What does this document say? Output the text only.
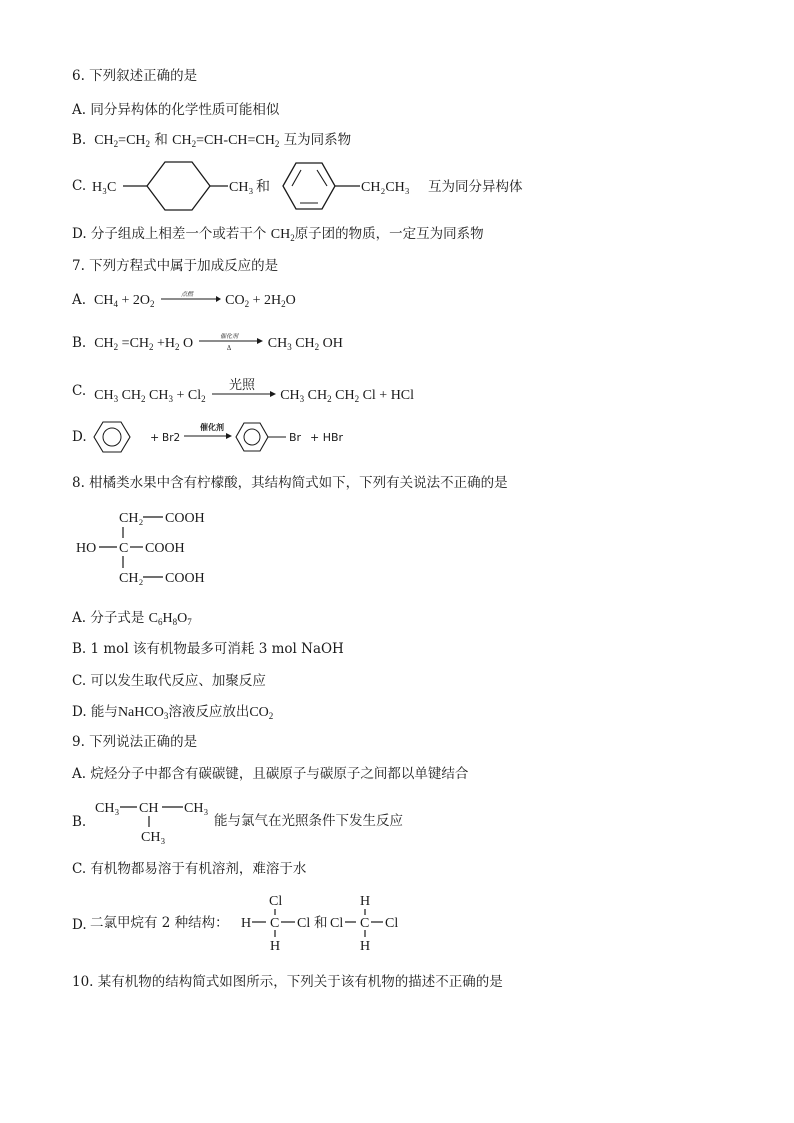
6. 下列叙述正确的是
A. 同分异构体的化学性质可能相似
B. $CH_2=CH_2$ 和 $CH_2=CH-CH=CH_2$ 互为同系物
C. H₃C	CH₃ 和	CH₂CH₃ 互为同分异构体
D. 分子组成上相差一个或若干个 $CH_2$原子团的物质，一定互为同系物
7. 下列方程式中属于加成反应的是
A. $CH_4 + 2O_2$
点燃 $CO_2 + 2H_2O$
B. $CH_2 =CH_2 +H_2$ O	催化剂
Δ	$CH_3$ $CH_2$ OH
C. $CH_3$ $CH_2$ $CH_3 + Cl_2$
光照
$CH_3$ $CH_2$ $CH_2$ Cl + HCl
D.	+ Br2
催化剂
Br + HBr
8. 柑橘类水果中含有柠檬酸，其结构简式如下，下列有关说法不正确的是
CH₂ COOH
HO C COOH
CH₂ COOH
A. 分子式是 $C_6H_8O_7$
B. 1 mol 该有机物最多可消耗 3 mol NaOH
C. 可以发生取代反应、加聚反应
D. 能与NaHCO$_3$溶液反应放出$CO_2$
9. 下列说法正确的是
A. 烷烃分子中都含有碳碳键，且碳原子与碳原子之间都以单键结合
B.
CH₃ CH CH₃
CH₃
能与氯气在光照条件下发生反应
C. 有机物都易溶于有机溶剂，难溶于水
D. 二氯甲烷有 2 种结构：
Cl
H C Cl
H
和
H
Cl C Cl
H
10. 某有机物的结构简式如图所示，下列关于该有机物的描述不正确的是
